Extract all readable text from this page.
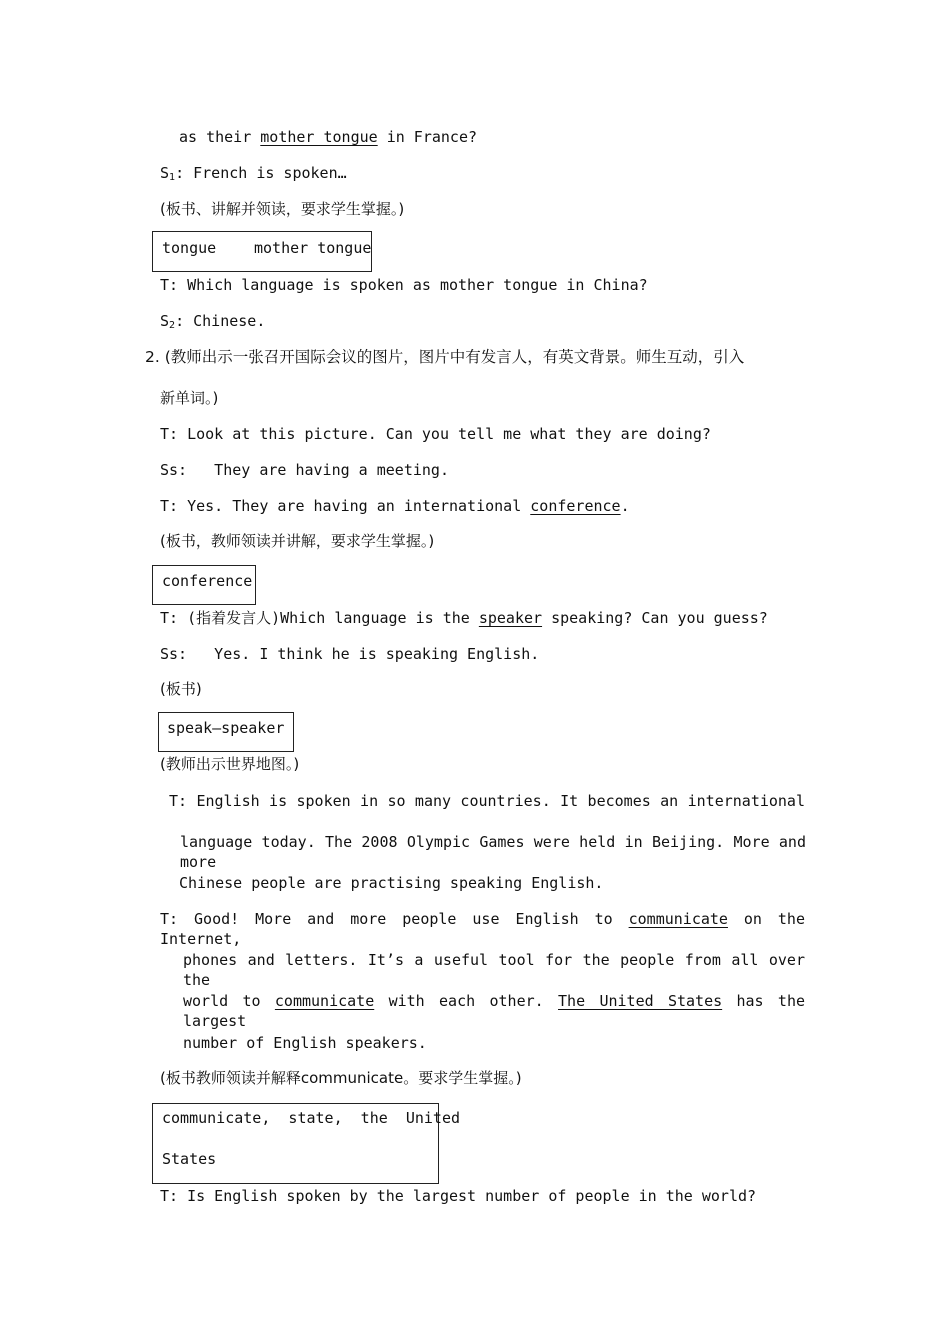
as their mother tongue in France?
$S_1$: French is spoken…
(板书、讲解并领读，要求学生掌握。)
tongue	mother tongue
T: Which language is spoken as mother tongue in China?
$S_2$: Chinese.
2. (教师出示一张召开国际会议的图片，图片中有发言人，有英文背景。师生互动，引入
新单词。)
T: Look at this picture. Can you tell me what they are doing?
Ss:   They are having a meeting.
T: Yes. They are having an international conference.
(板书，教师领读并讲解，要求学生掌握。)
conference
T: (指着发言人)Which language is the speaker speaking? Can you guess?
Ss:   Yes. I think he is speaking English.
(板书)
speak—speaker
(教师出示世界地图。)
T: English is spoken in so many countries. It becomes an international
language today. The 2008 Olympic Games were held in Beijing. More and more
Chinese people are practising speaking English.
T: Good! More and more people use English to communicate on the Internet,
phones and letters. It’s a useful tool for the people from all over the
world to communicate with each other. The United States has the largest
number of English speakers.
(板书教师领读并解释communicate。要求学生掌握。)
communicate,  state,  the  United
States
T: Is English spoken by the largest number of people in the world?
